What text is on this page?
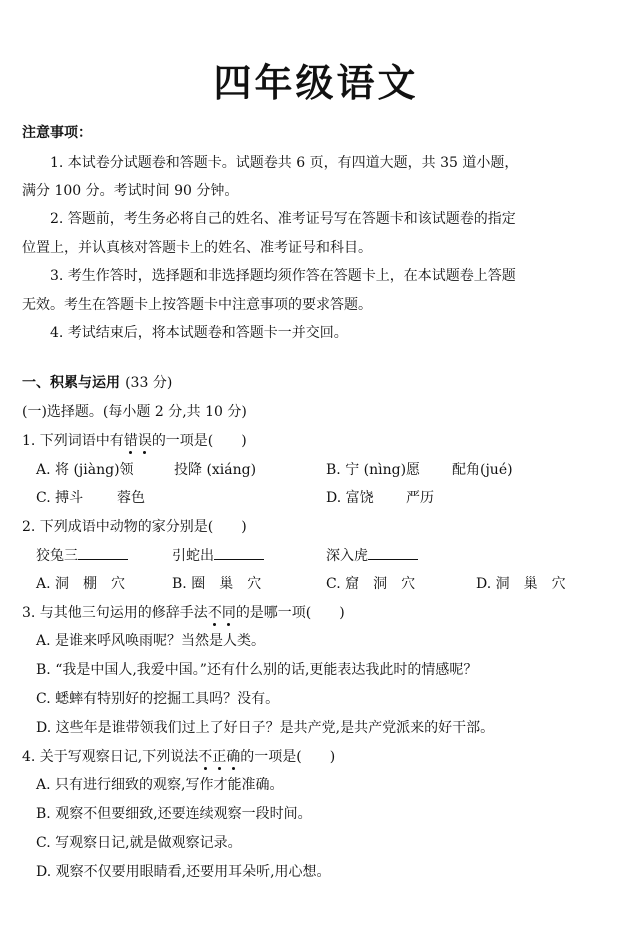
四年级语文
注意事项：
1. 本试卷分试题卷和答题卡。试题卷共 6 页，有四道大题，共 35 道小题，
满分 100 分。考试时间 90 分钟。
2. 答题前，考生务必将自己的姓名、准考证号写在答题卡和该试题卷的指定
位置上，并认真核对答题卡上的姓名、准考证号和科目。
3. 考生作答时，选择题和非选择题均须作答在答题卡上，在本试题卷上答题
无效。考生在答题卡上按答题卡中注意事项的要求答题。
4. 考试结束后，将本试题卷和答题卡一并交回。
一、积累与运用 (33 分)
(一)选择题。(每小题 2 分,共 10 分)
1. 下列词语中有错误的一项是(　　)
A. 将 (jiàng)领	投降 (xiáng)	B. 宁 (nìng)愿 配角(jué)
C. 搏斗 蓉色	D. 富饶 严历
2. 下列成语中动物的家分别是(　　)
狡兔三	引蛇出	深入虎
A. 洞　棚　穴	B. 圈　巢　穴	C. 窟　洞　穴	D. 洞　巢　穴
3. 与其他三句运用的修辞手法不同的是哪一项(　　)
A. 是谁来呼风唤雨呢？当然是人类。
B. “我是中国人,我爱中国。”还有什么别的话,更能表达我此时的情感呢？
C. 蟋蟀有特别好的挖掘工具吗？没有。
D. 这些年是谁带领我们过上了好日子？是共产党,是共产党派来的好干部。
4. 关于写观察日记,下列说法不正确的一项是(　　)
A. 只有进行细致的观察,写作才能准确。
B. 观察不但要细致,还要连续观察一段时间。
C. 写观察日记,就是做观察记录。
D. 观察不仅要用眼睛看,还要用耳朵听,用心想。
